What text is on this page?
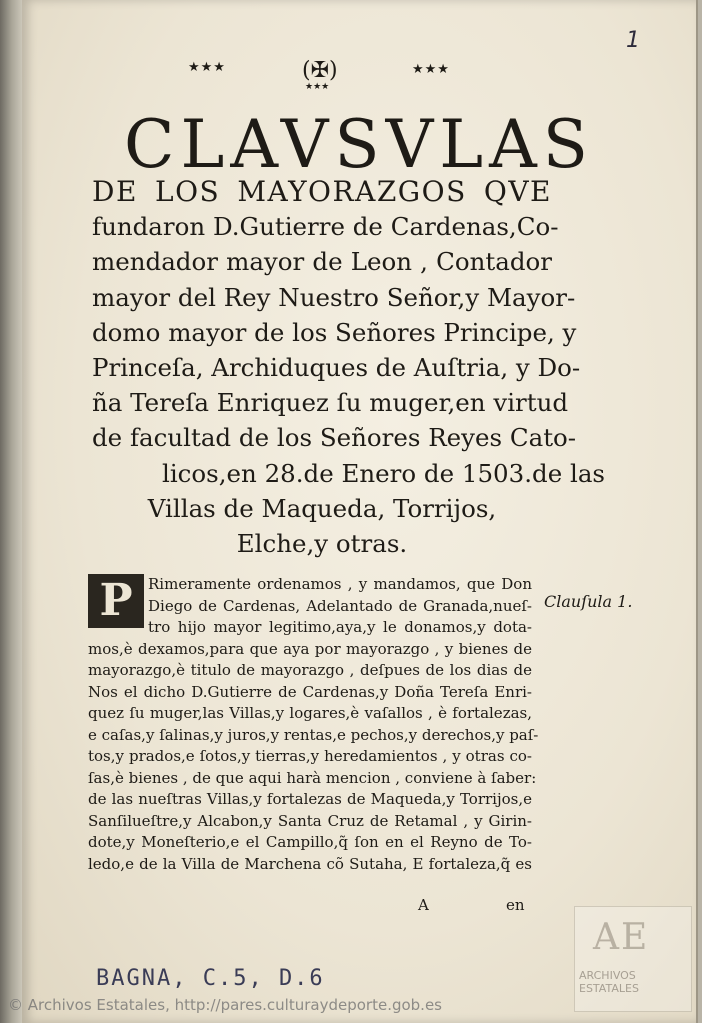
1
★★★	(✠)
★★★
★★★
CLAVSVLAS
DE LOS MAYORAZGOS QVE
fundaron D.Gutierre de Cardenas,Co-
mendador mayor de Leon , Contador
mayor del Rey Nuestro Señor,y Mayor-
domo mayor de los Señores Principe, y
Princeſa, Archiduques de Auſtria, y Do-
ña Tereſa Enriquez ſu muger,en virtud
de facultad de los Señores Reyes Cato-
licos,en 28.de Enero de 1503.de las
Villas de Maqueda, Torrijos,
Elche,y otras.
P	Rimeramente ordenamos , y mandamos, que Don
Diego de Cardenas, Adelantado de Granada,nueſ-
tro hijo mayor legitimo,aya,y le donamos,y dota-
mos,è dexamos,para que aya por mayorazgo , y bienes de
mayorazgo,è titulo de mayorazgo , deſpues de los dias de
Nos el dicho D.Gutierre de Cardenas,y Doña Tereſa Enri-
quez ſu muger,las Villas,y logares,è vaſallos , è fortalezas,
e caſas,y ſalinas,y juros,y rentas,e pechos,y derechos,y paſ-
tos,y prados,e ſotos,y tierras,y heredamientos , y otras co-
ſas,è bienes , de que aqui harà mencion , conviene à ſaber:
de las nueſtras Villas,y fortalezas de Maqueda,y Torrijos,e
Sanſilueſtre,y Alcabon,y Santa Cruz de Retamal , y Girin-
dote,y Moneſterio,e el Campillo,q̃ ſon en el Reyno de To-
ledo,e de la Villa de Marchena cõ Sutaha, E fortaleza,q̃ es
A	en
Clauſula 1.
BAGNA, C.5, D.6
AE
ARCHIVOS
ESTATALES
© Archivos Estatales, http://pares.culturaydeporte.gob.es
